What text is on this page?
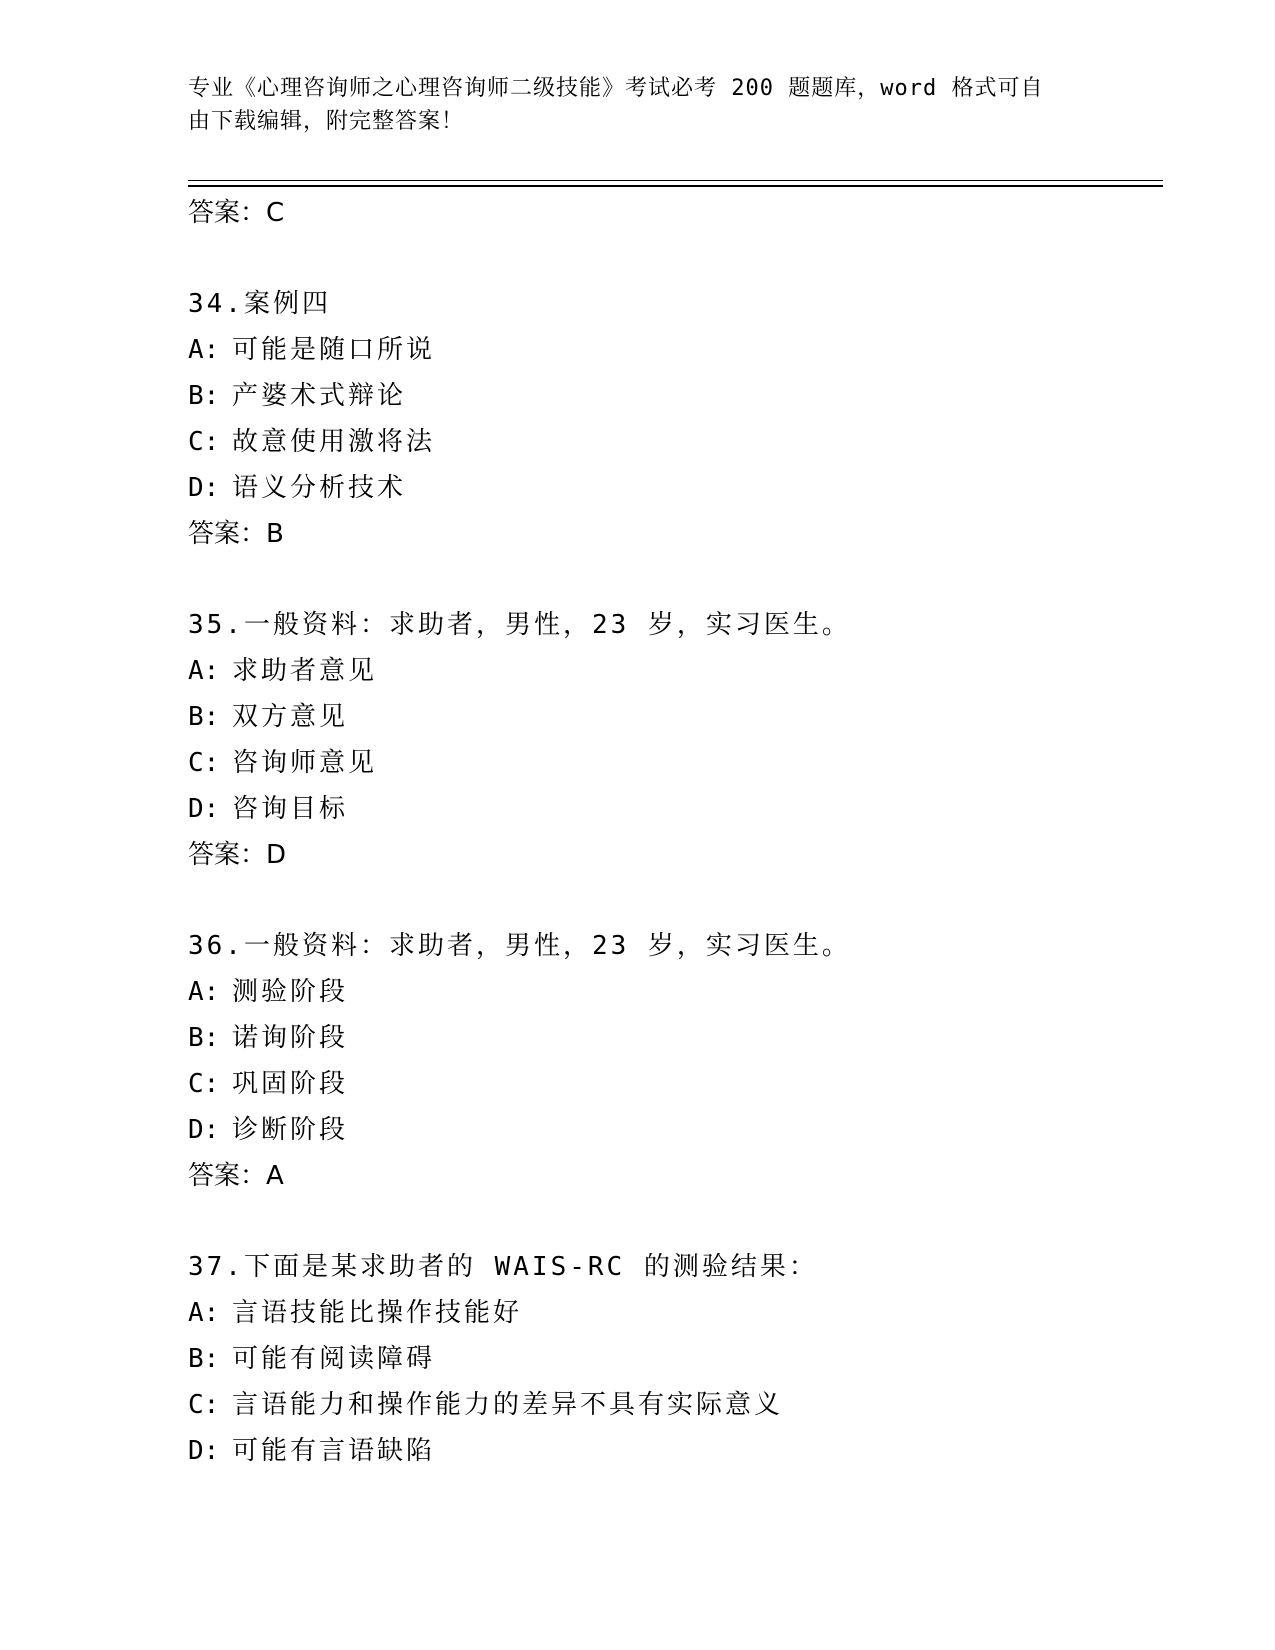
专业《心理咨询师之心理咨询师二级技能》考试必考 200 题题库，word 格式可自
由下载编辑，附完整答案！
答案：C
34.案例四
A: 可能是随口所说
B: 产婆术式辩论
C: 故意使用激将法
D: 语义分析技术
答案：B
35.一般资料：求助者，男性，23 岁，实习医生。
A: 求助者意见
B: 双方意见
C: 咨询师意见
D: 咨询目标
答案：D
36.一般资料：求助者，男性，23 岁，实习医生。
A: 测验阶段
B: 诺询阶段
C: 巩固阶段
D: 诊断阶段
答案：A
37.下面是某求助者的 WAIS-RC 的测验结果：
A: 言语技能比操作技能好
B: 可能有阅读障碍
C: 言语能力和操作能力的差异不具有实际意义
D: 可能有言语缺陷
